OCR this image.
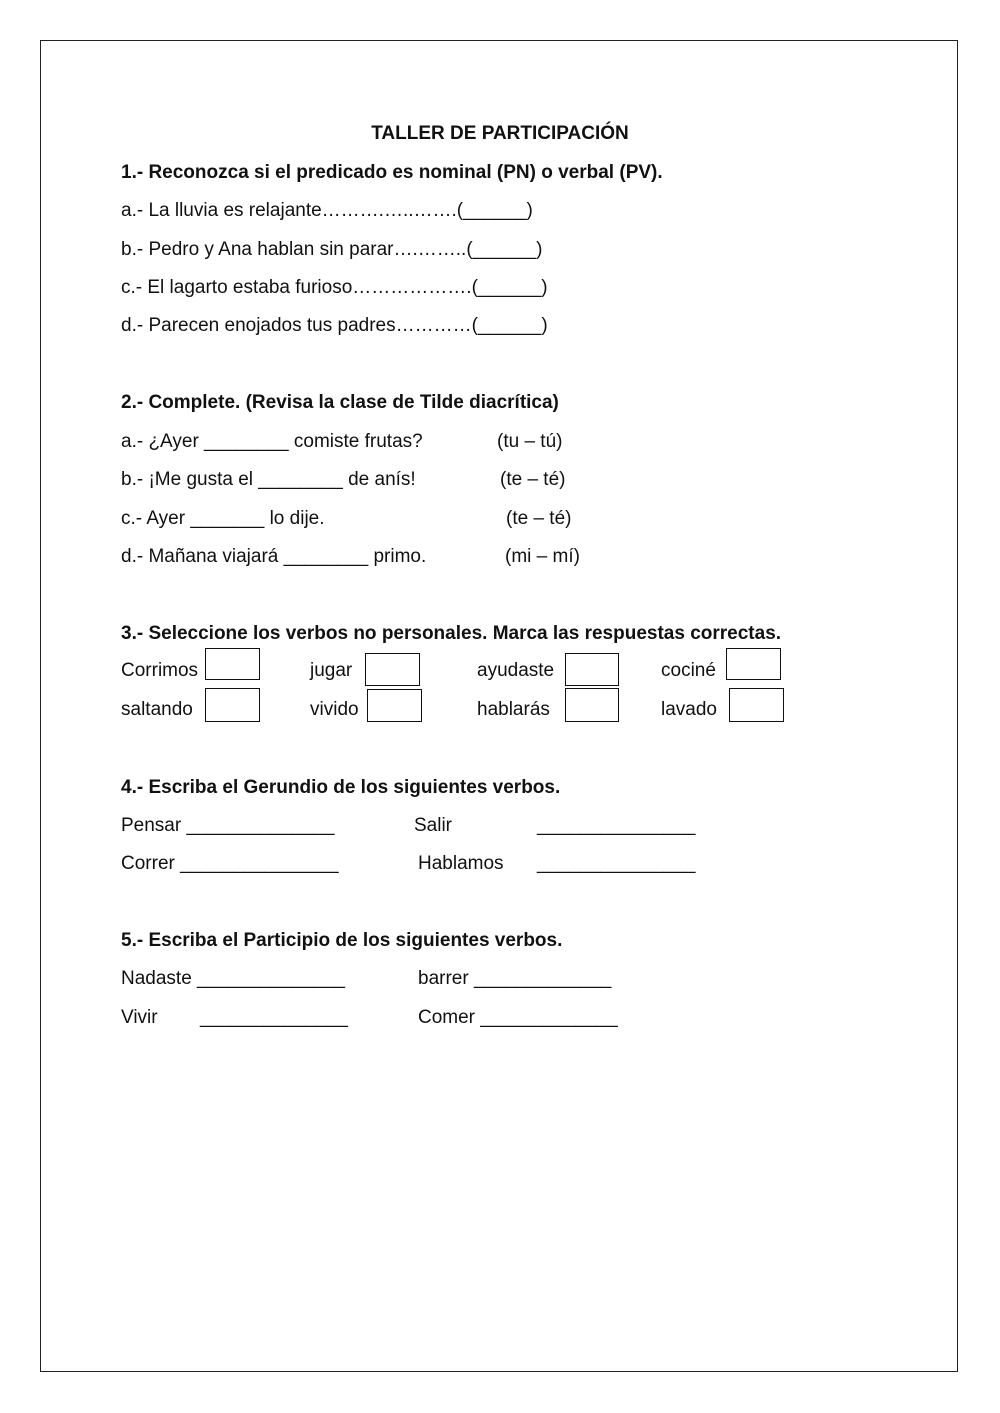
TALLER DE PARTICIPACIÓN
1.- Reconozca si el predicado es nominal (PN) o verbal (PV).
a.- La lluvia es relajante……….…..…….(______)
b.- Pedro y Ana hablan sin parar….……..(______)
c.- El lagarto estaba furioso……………….(______)
d.- Parecen enojados tus padres…………(______)
2.- Complete. (Revisa la clase de Tilde diacrítica)
a.- ¿Ayer ________ comiste frutas?	(tu – tú)
b.- ¡Me gusta el ________ de anís!	(te – té)
c.- Ayer _______ lo dije.	(te – té)
d.- Mañana viajará ________ primo.	(mi – mí)
3.- Seleccione los verbos no personales. Marca las respuestas correctas.
Corrimos	jugar	ayudaste	cociné
saltando	vivido	hablarás	lavado
4.- Escriba el Gerundio de los siguientes verbos.
Pensar ______________	Salir	_______________
Correr _______________	Hablamos _______________
5.- Escriba el Participio de los siguientes verbos.
Nadaste ______________	barrer _____________
Vivir ______________	Comer _____________
